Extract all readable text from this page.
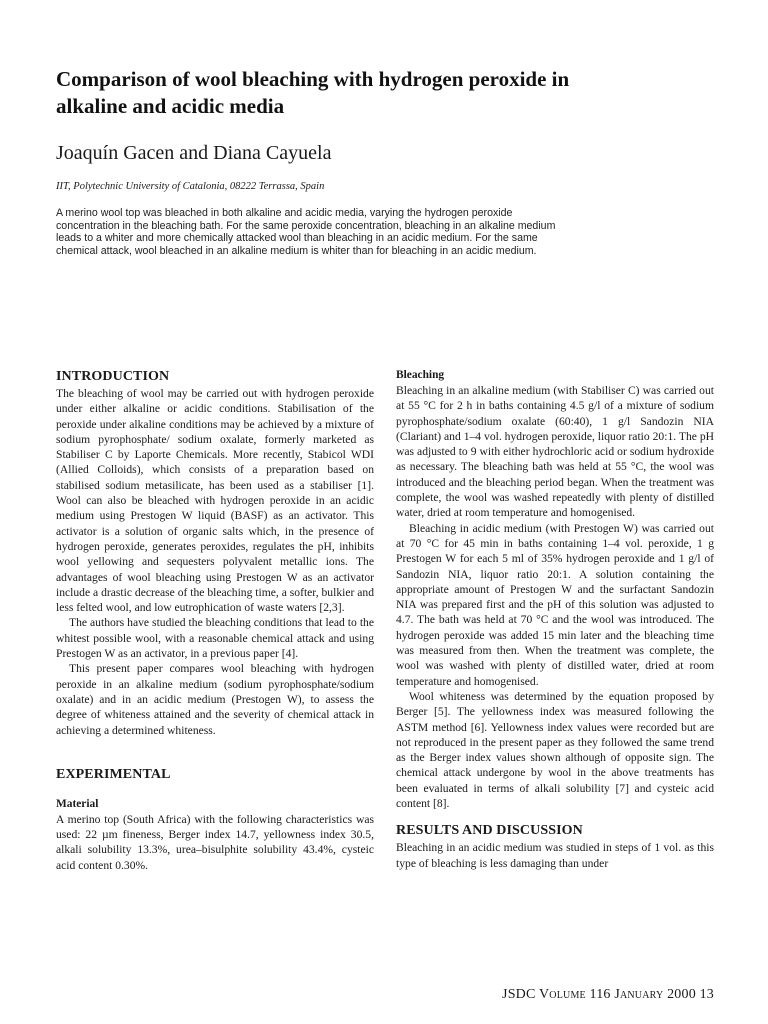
Comparison of wool bleaching with hydrogen peroxide in alkaline and acidic media

Joaquín Gacen and Diana Cayuela

IIT, Polytechnic University of Catalonia, 08222 Terrassa, Spain

A merino wool top was bleached in both alkaline and acidic media, varying the hydrogen peroxide concentration in the bleaching bath. For the same peroxide concentration, bleaching in an alkaline medium leads to a whiter and more chemically attacked wool than bleaching in an acidic medium. For the same chemical attack, wool bleached in an alkaline medium is whiter than for bleaching in an acidic medium.

INTRODUCTION

The bleaching of wool may be carried out with hydrogen peroxide under either alkaline or acidic conditions. Stabilisation of the peroxide under alkaline conditions may be achieved by a mixture of sodium pyrophosphate/ sodium oxalate, formerly marketed as Stabiliser C by Laporte Chemicals. More recently, Stabicol WDI (Allied Colloids), which consists of a preparation based on stabilised sodium metasilicate, has been used as a stabiliser [1]. Wool can also be bleached with hydrogen peroxide in an acidic medium using Prestogen W liquid (BASF) as an activator. This activator is a solution of organic salts which, in the presence of hydrogen peroxide, generates peroxides, regulates the pH, inhibits wool yellowing and sequesters polyvalent metallic ions. The advantages of wool bleaching using Prestogen W as an activator include a drastic decrease of the bleaching time, a softer, bulkier and less felted wool, and low eutrophication of waste waters [2,3].

The authors have studied the bleaching conditions that lead to the whitest possible wool, with a reasonable chemical attack and using Prestogen W as an activator, in a previous paper [4].

This present paper compares wool bleaching with hydrogen peroxide in an alkaline medium (sodium pyrophosphate/sodium oxalate) and in an acidic medium (Prestogen W), to assess the degree of whiteness attained and the severity of chemical attack in achieving a determined whiteness.

EXPERIMENTAL
Material

A merino top (South Africa) with the following characteristics was used: 22 µm fineness, Berger index 14.7, yellowness index 30.5, alkali solubility 13.3%, urea–bisulphite solubility 43.4%, cysteic acid content 0.30%.

Bleaching

Bleaching in an alkaline medium (with Stabiliser C) was carried out at 55 °C for 2 h in baths containing 4.5 g/l of a mixture of sodium pyrophosphate/sodium oxalate (60:40), 1 g/l Sandozin NIA (Clariant) and 1–4 vol. hydrogen peroxide, liquor ratio 20:1. The pH was adjusted to 9 with either hydrochloric acid or sodium hydroxide as necessary. The bleaching bath was held at 55 °C, the wool was introduced and the bleaching period began. When the treatment was complete, the wool was washed repeatedly with plenty of distilled water, dried at room temperature and homogenised.

Bleaching in acidic medium (with Prestogen W) was carried out at 70 °C for 45 min in baths containing 1–4 vol. peroxide, 1 g Prestogen W for each 5 ml of 35% hydrogen peroxide and 1 g/l of Sandozin NIA, liquor ratio 20:1. A solution containing the appropriate amount of Prestogen W and the surfactant Sandozin NIA was prepared first and the pH of this solution was adjusted to 4.7. The bath was held at 70 °C and the wool was introduced. The hydrogen peroxide was added 15 min later and the bleaching time was measured from then. When the treatment was complete, the wool was washed with plenty of distilled water, dried at room temperature and homogenised.

Wool whiteness was determined by the equation proposed by Berger [5]. The yellowness index was measured following the ASTM method [6]. Yellowness index values were recorded but are not reproduced in the present paper as they followed the same trend as the Berger index values shown although of opposite sign. The chemical attack undergone by wool in the above treatments has been evaluated in terms of alkali solubility [7] and cysteic acid content [8].

RESULTS AND DISCUSSION

Bleaching in an acidic medium was studied in steps of 1 vol. as this type of bleaching is less damaging than under

JSDC Volume 116 January 2000 13
